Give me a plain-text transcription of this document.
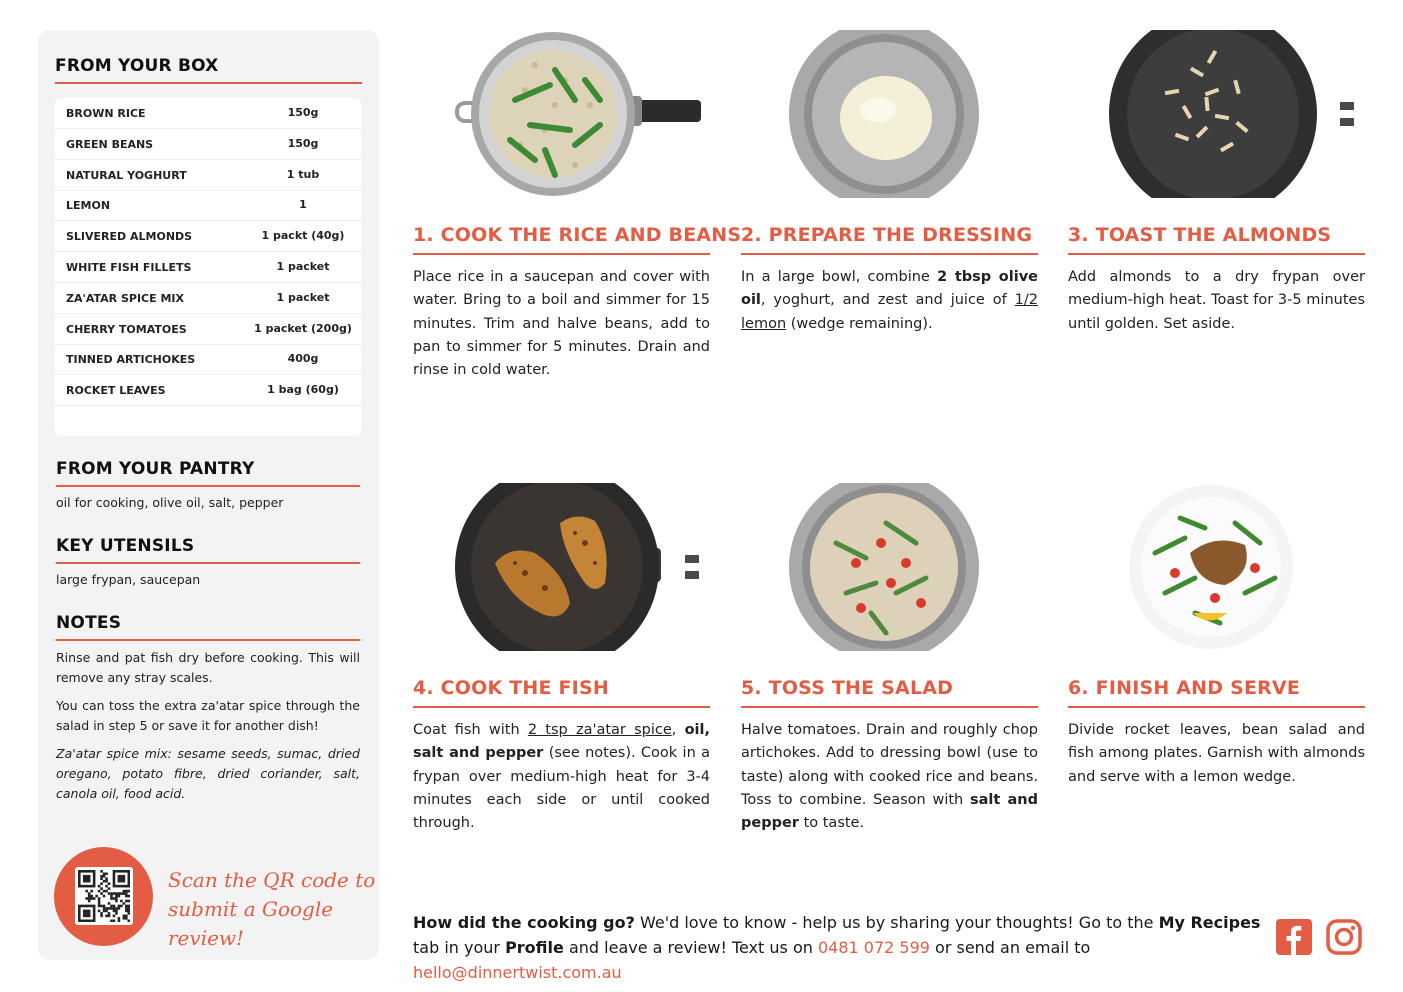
FROM YOUR BOX
BROWN RICE	150g
GREEN BEANS	150g
NATURAL YOGHURT	1 tub
LEMON	1
SLIVERED ALMONDS	1 packt (40g)
WHITE FISH FILLETS	1 packet
ZA'ATAR SPICE MIX	1 packet
CHERRY TOMATOES	1 packet (200g)
TINNED ARTICHOKES	400g
ROCKET LEAVES	1 bag (60g)
FROM YOUR PANTRY
oil for cooking, olive oil, salt, pepper
KEY UTENSILS
large frypan, saucepan
NOTES
Rinse and pat fish dry before cooking. This will remove any stray scales.
You can toss the extra za'atar spice through the salad in step 5 or save it for another dish!
Za'atar spice mix: sesame seeds, sumac, dried oregano, potato fibre, dried coriander, salt, canola oil, food acid.
Scan the QR code to
submit a Google review!
1. COOK THE RICE AND BEANS
Place rice in a saucepan and cover with water. Bring to a boil and simmer for 15 minutes. Trim and halve beans, add to pan to simmer for 5 minutes. Drain and rinse in cold water.
2. PREPARE THE DRESSING
In a large bowl, combine 2 tbsp olive oil, yoghurt, and zest and juice of 1/2 lemon (wedge remaining).
3. TOAST THE ALMONDS
Add almonds to a dry frypan over medium-high heat. Toast for 3-5 minutes until golden. Set aside.
4. COOK THE FISH
Coat fish with 2 tsp za'atar spice, oil, salt and pepper (see notes). Cook in a frypan over medium-high heat for 3-4 minutes each side or until cooked through.
5. TOSS THE SALAD
Halve tomatoes. Drain and roughly chop artichokes. Add to dressing bowl (use to taste) along with cooked rice and beans. Toss to combine. Season with salt and pepper to taste.
6. FINISH AND SERVE
Divide rocket leaves, bean salad and fish among plates. Garnish with almonds and serve with a lemon wedge.
How did the cooking go? We'd love to know - help us by sharing your thoughts! Go to the My Recipes tab in your Profile and leave a review! Text us on 0481 072 599 or send an email to hello@dinnertwist.com.au
